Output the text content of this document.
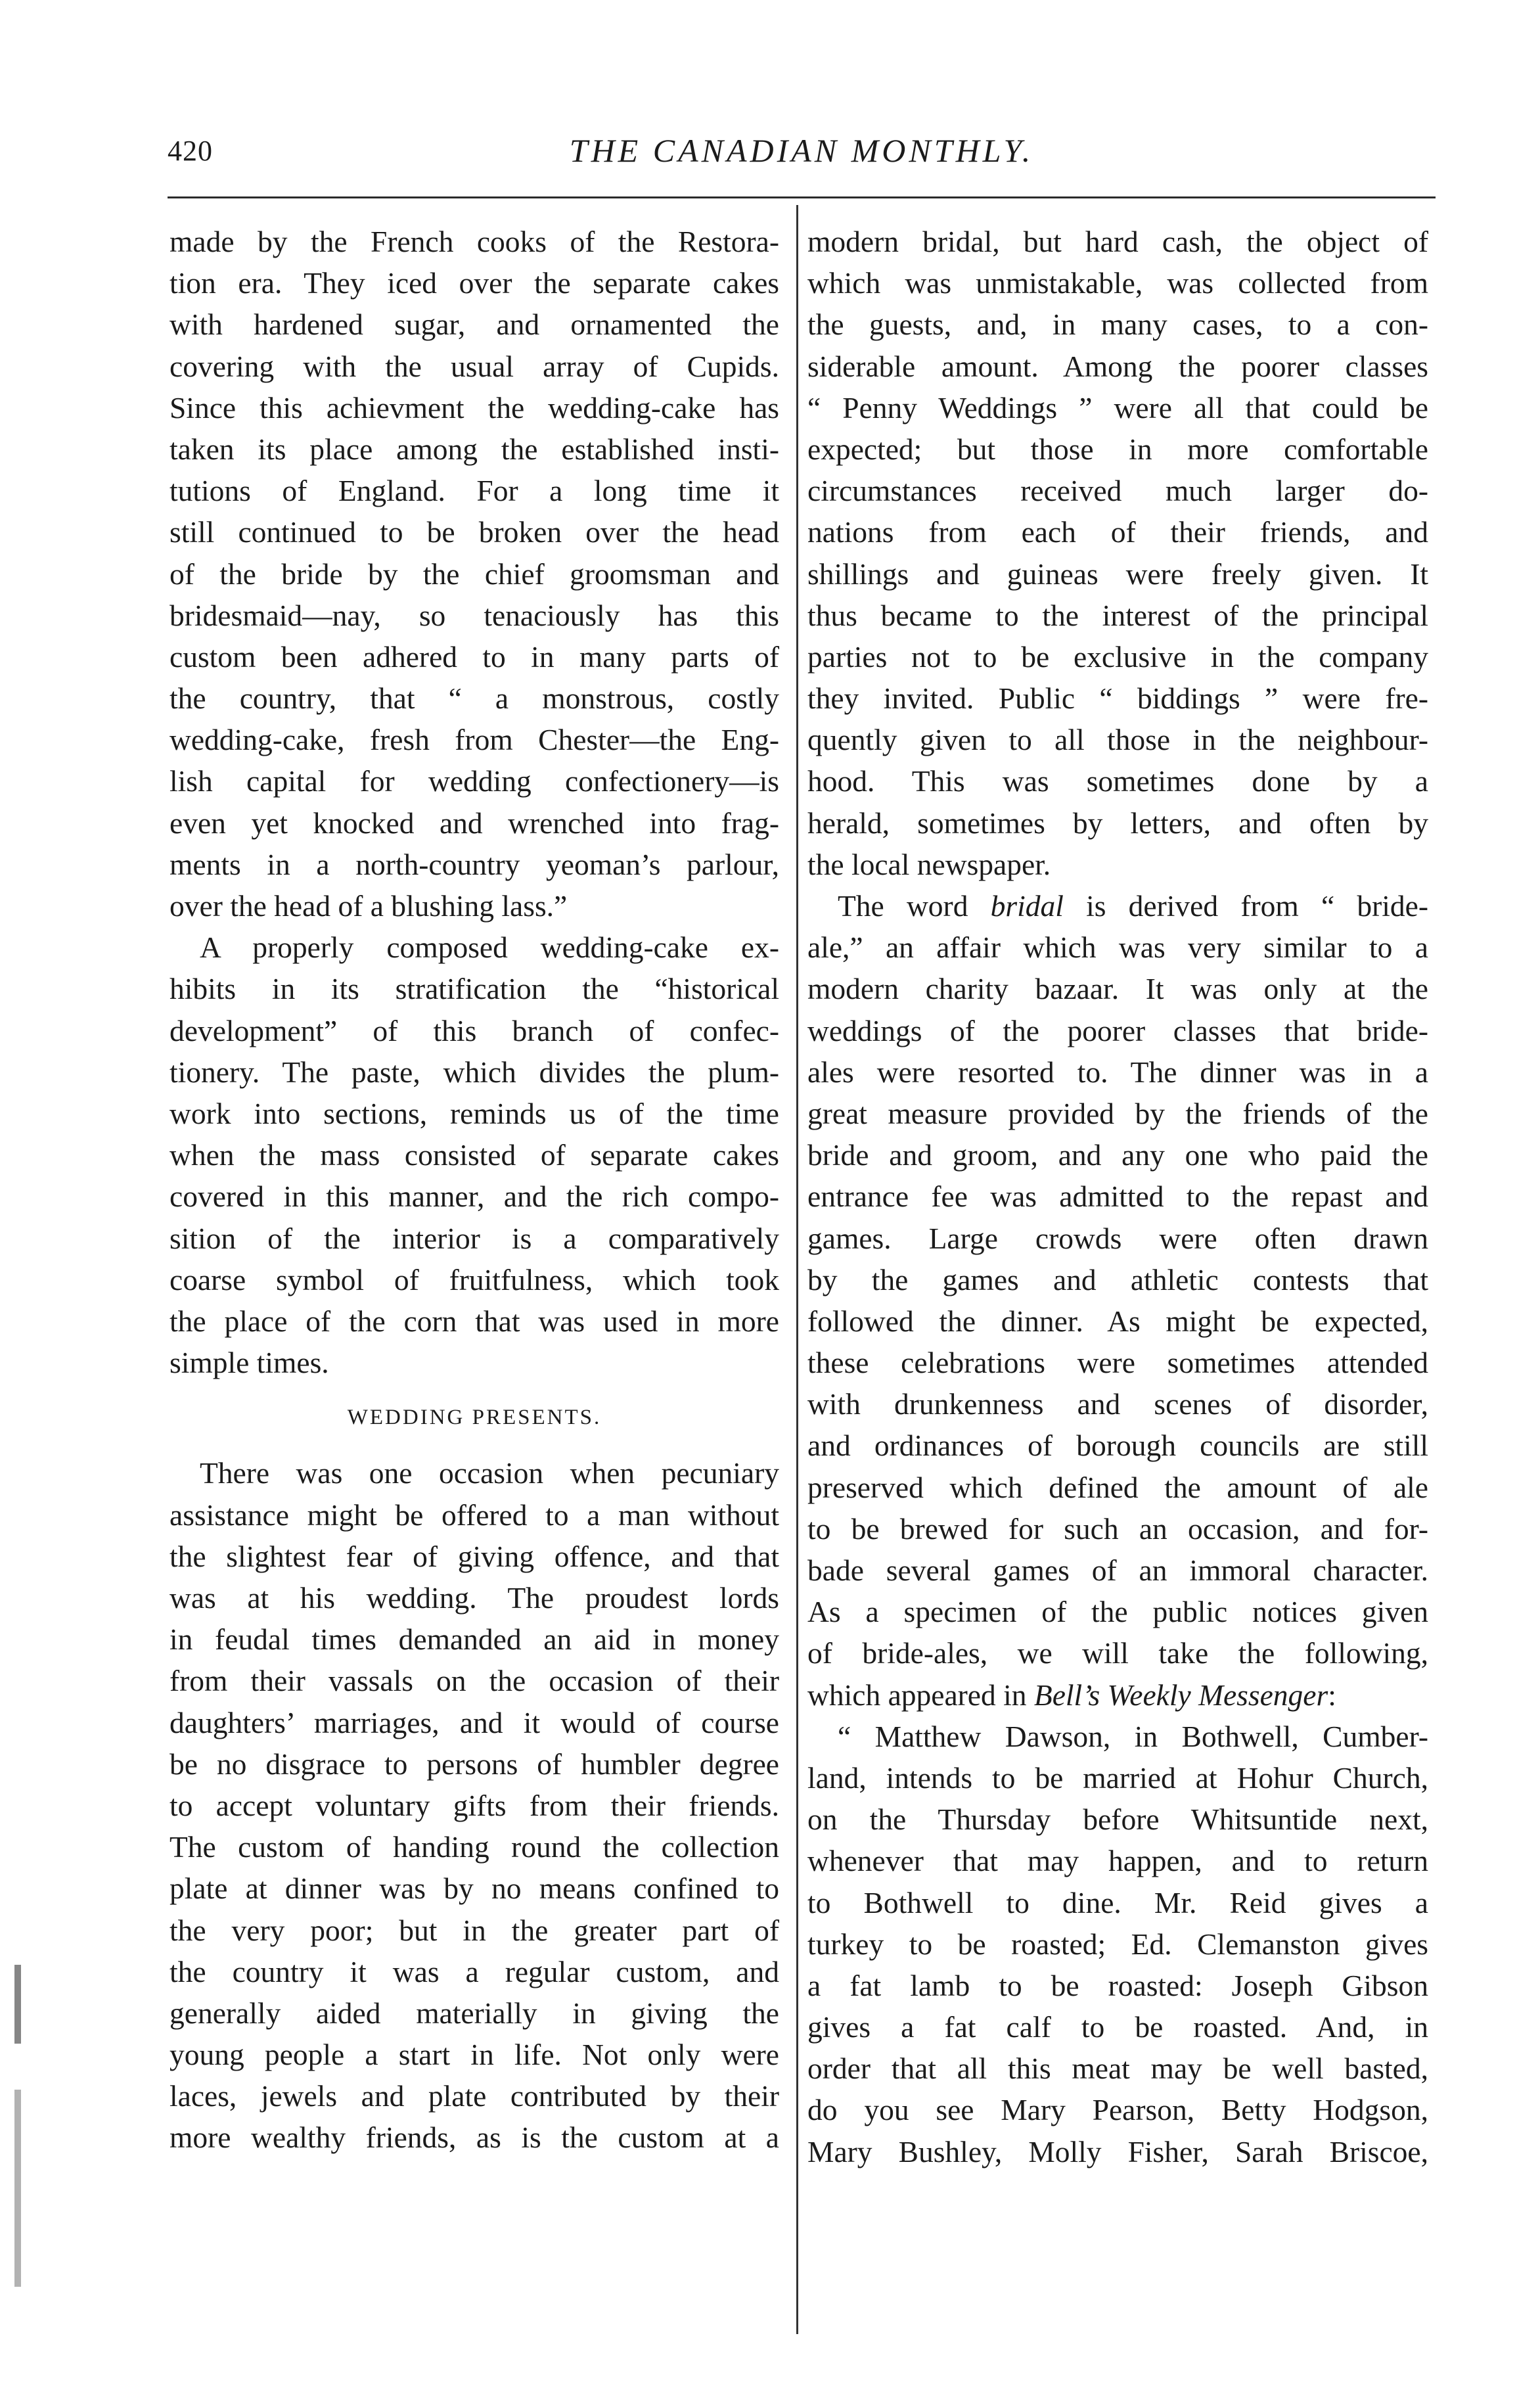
420	THE CANADIAN MONTHLY.
made by the French cooks of the Restora-
tion era. They iced over the separate cakes
with hardened sugar, and ornamented the
covering with the usual array of Cupids.
Since this achievment the wedding-cake has
taken its place among the established insti-
tutions of England. For a long time it
still continued to be broken over the head
of the bride by the chief groomsman and
bridesmaid—nay, so tenaciously has this
custom been adhered to in many parts of
the country, that “ a monstrous, costly
wedding-cake, fresh from Chester—the Eng-
lish capital for wedding confectionery—is
even yet knocked and wrenched into frag-
ments in a north-country yeoman’s parlour,
over the head of a blushing lass.”
A properly composed wedding-cake ex-
hibits in its stratification the “historical
development” of this branch of confec-
tionery. The paste, which divides the plum-
work into sections, reminds us of the time
when the mass consisted of separate cakes
covered in this manner, and the rich compo-
sition of the interior is a comparatively
coarse symbol of fruitfulness, which took
the place of the corn that was used in more
simple times.
WEDDING PRESENTS.
There was one occasion when pecuniary
assistance might be offered to a man without
the slightest fear of giving offence, and that
was at his wedding. The proudest lords
in feudal times demanded an aid in money
from their vassals on the occasion of their
daughters’ marriages, and it would of course
be no disgrace to persons of humbler degree
to accept voluntary gifts from their friends.
The custom of handing round the collection
plate at dinner was by no means confined to
the very poor; but in the greater part of
the country it was a regular custom, and
generally aided materially in giving the
young people a start in life. Not only were
laces, jewels and plate contributed by their
more wealthy friends, as is the custom at a
modern bridal, but hard cash, the object of
which was unmistakable, was collected from
the guests, and, in many cases, to a con-
siderable amount. Among the poorer classes
“ Penny Weddings ” were all that could be
expected; but those in more comfortable
circumstances received much larger do-
nations from each of their friends, and
shillings and guineas were freely given. It
thus became to the interest of the principal
parties not to be exclusive in the company
they invited. Public “ biddings ” were fre-
quently given to all those in the neighbour-
hood. This was sometimes done by a
herald, sometimes by letters, and often by
the local newspaper.
The word bridal is derived from “ bride-
ale,” an affair which was very similar to a
modern charity bazaar. It was only at the
weddings of the poorer classes that bride-
ales were resorted to. The dinner was in a
great measure provided by the friends of the
bride and groom, and any one who paid the
entrance fee was admitted to the repast and
games. Large crowds were often drawn
by the games and athletic contests that
followed the dinner. As might be expected,
these celebrations were sometimes attended
with drunkenness and scenes of disorder,
and ordinances of borough councils are still
preserved which defined the amount of ale
to be brewed for such an occasion, and for-
bade several games of an immoral character.
As a specimen of the public notices given
of bride-ales, we will take the following,
which appeared in Bell’s Weekly Messenger:
“ Matthew Dawson, in Bothwell, Cumber-
land, intends to be married at Hohur Church,
on the Thursday before Whitsuntide next,
whenever that may happen, and to return
to Bothwell to dine. Mr. Reid gives a
turkey to be roasted; Ed. Clemanston gives
a fat lamb to be roasted: Joseph Gibson
gives a fat calf to be roasted. And, in
order that all this meat may be well basted,
do you see Mary Pearson, Betty Hodgson,
Mary Bushley, Molly Fisher, Sarah Briscoe,
